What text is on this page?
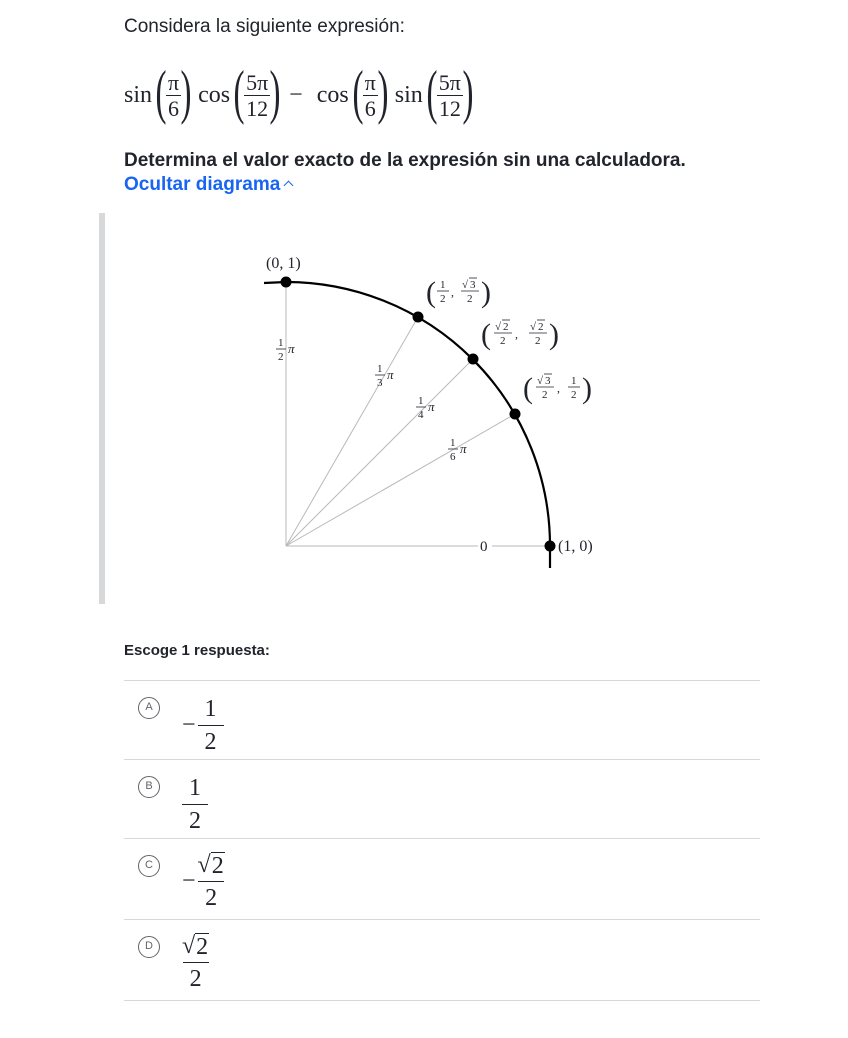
Considera la siguiente expresión:
sin (
$\frac{\pi}{6}$
) cos (
$\frac{5\pi}{12}$
) − cos (
$\frac{\pi}{6}$
) sin (
$\frac{5\pi}{12}$
)
Determina el valor exacto de la expresión sin una calculadora.
Ocultar diagrama
(0, 1)
(1, 0)
( 1
2 , √ 3
2 )
( √ 2
2 , √ 2
2 )
( √ 3
2 , 1
2 )
1
2
π
1
3
π
1
4
π
1
6
π
0
Escoge 1 respuesta:
A
− $\frac{1}{2}$
B	$\frac{1}{2}$
C
− $\frac{√ 2}{2}$
D √ 2
2
